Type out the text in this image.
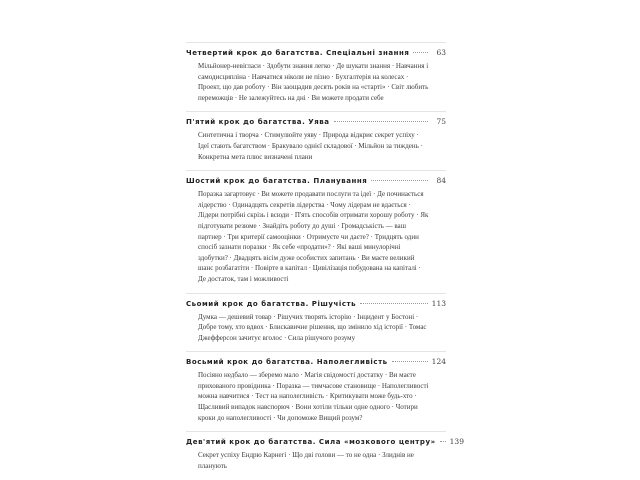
Четвертий крок до багатства. Спеціальні знання	63
Мільйонер-невігласи · Здобути знання легко · Де шукати знання · Навчання і самодисципліна · Навчатися ніколи не пізно · Бухгалтерія на колесах · Проект, що дав роботу · Він заощадив десять років на «старті» · Світ любить переможців · Не залежуйтесь на дні · Ви можете продати себе
П'ятий крок до багатства. Уява	75
Синтетична і творча · Стимулюйте уяву · Природа відкриє секрет успіху · Ідеї стають багатством · Бракувало однієї складової · Мільйон за тиждень · Конкретна мета плюс визначені плани
Шостий крок до багатства. Планування	84
Поразка загартовує · Ви можете продавати послуги та ідеї · Де починається лідерство · Одинадцять секретів лідерства · Чому лідерам не вдається · Лідери потрібні скрізь і всюди · П'ять способів отримати хорошу роботу · Як підготувати резюме · Знайдіть роботу до душі · Громадськість — ваш партнер · Три критерії самооцінки · Отримуєте чи даєте? · Тридцять один спосіб зазнати поразки · Як себе «продати»? · Які ваші минулорічні здобутки? · Двадцять вісім дуже особистих запитань · Ви маєте великий шанс розбагатіти · Повірте в капітал · Цивілізація побудована на капіталі · Де достаток, там і можливості
Сьомий крок до багатства. Рішучість	113
Думка — дешевий товар · Рішучих творять історію · Інцидент у Бостоні · Добре тому, хто вдвох · Блискавичне рішення, що змінило хід історії · Томас Джефферсон зачитує вголос · Сила рішучого розуму
Восьмий крок до багатства. Наполегливість	124
Посіяно недбало — зберемо мало · Магія свідомості достатку · Ви маєте прихованого провідника · Поразка — тимчасове становище · Наполегливості можна навчитися · Тест на наполегливість · Критикувати може будь-хто · Щасливий випадок навспорюч · Вони хотіли тільки одне одного · Чотири кроки до наполегливості · Чи допоможе Вищий розум?
Дев'ятий крок до багатства. Сила «мозкового центру» 139
Секрет успіху Ендрю Карнегі · Що дві голови — то не одна · Злиднів не планують
